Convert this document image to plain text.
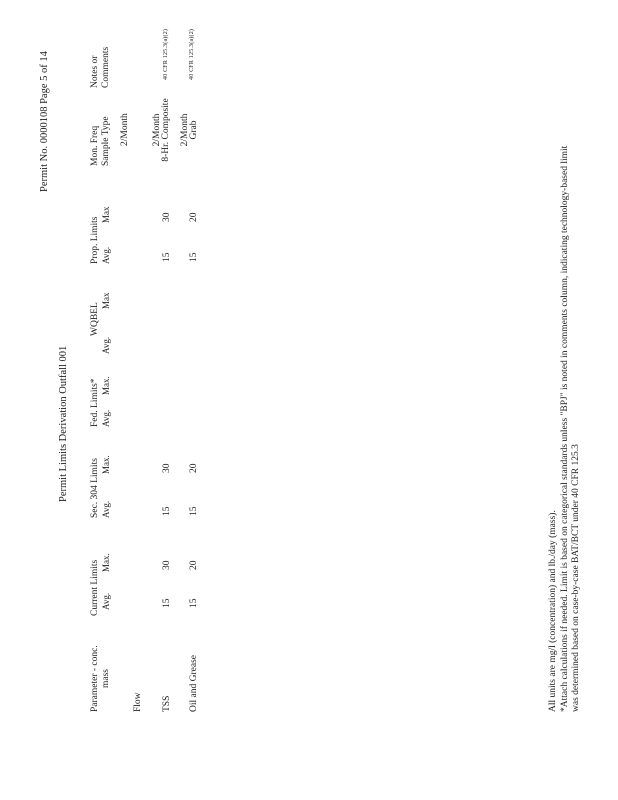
Permit No. 0000108 Page 5 of 14
Permit Limits Derivation Outfall 001
Parameter - conc. mass
Current Limits Avg.
Max.
Sec. 304 Limits Avg.
Max.
Fed. Limits* Avg.
Max.
WQBEL
Avg.
Max
Prop. Limits Avg.
Max
Mon. Freq Sample Type
Notes or Comments
Flow
2/Month
TSS
15
30
15
30
15
30
2/Month 8-Hr. Composite
40 CFR 125.3(a)(2)
Oil and Grease
15
20
15
20
15
20
2/Month Grab
40 CFR 125.3(a)(2)
All units are mg/l (concentration) and lb./day (mass). *Attach calculations if needed. Limit is based on categorical standards unless "BPJ" is noted in comments column, indicating technology-based limit was determined based on case-by-case BAT/BCT under 40 CFR 125.3
